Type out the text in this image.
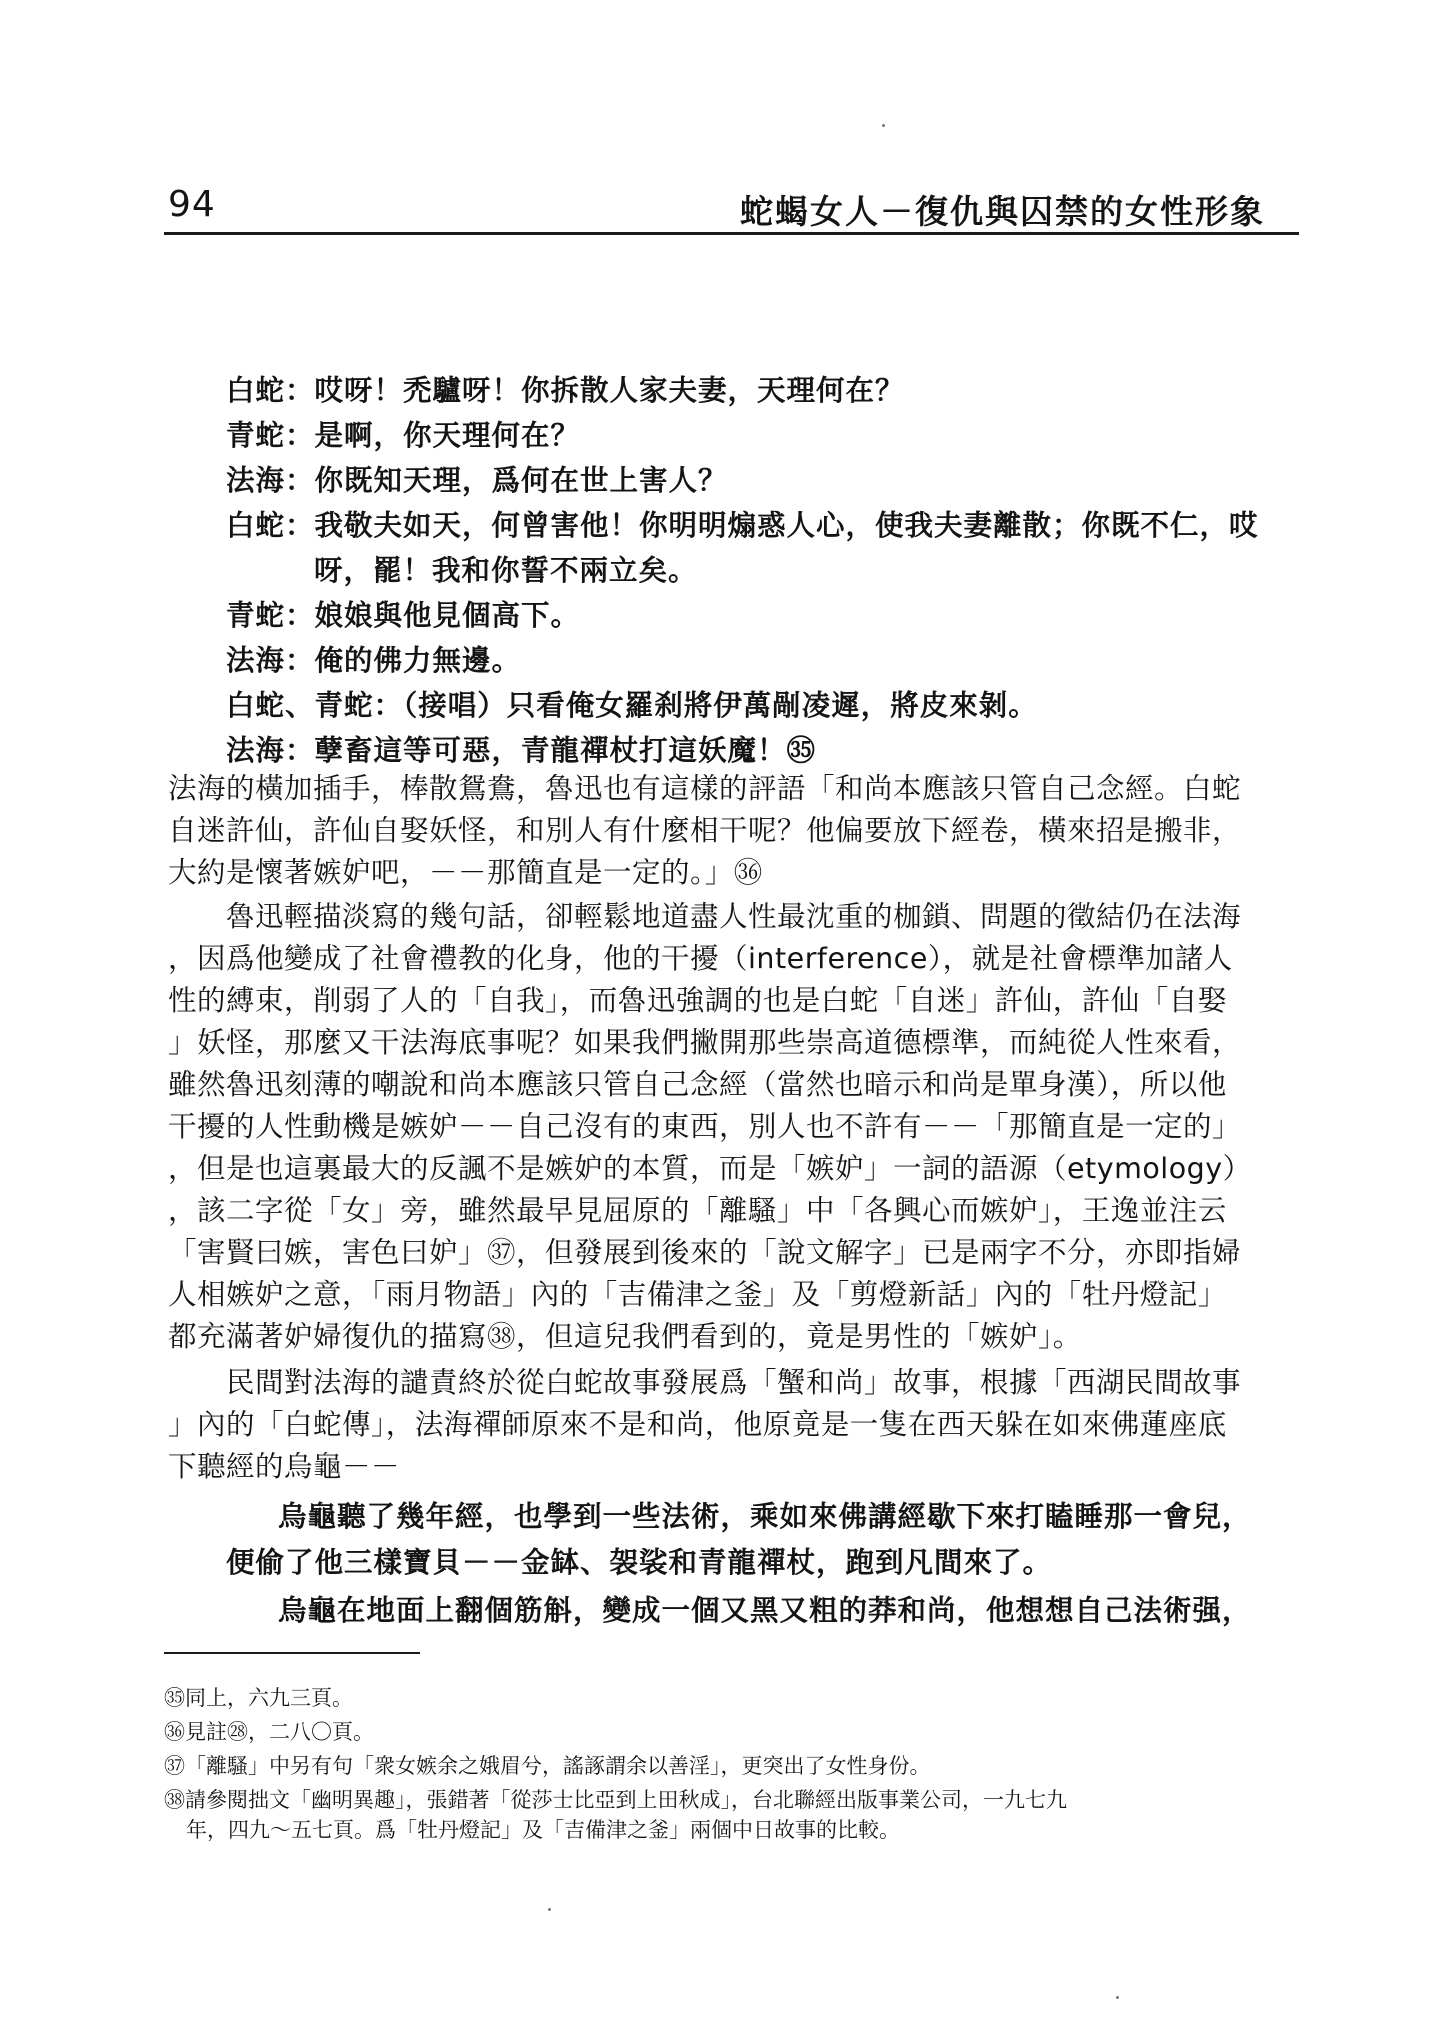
94	蛇蝎女人－復仇與囚禁的女性形象
白蛇：哎呀！禿驢呀！你拆散人家夫妻，天理何在？
青蛇：是啊，你天理何在？
法海：你既知天理，爲何在世上害人？
白蛇：我敬夫如天，何曾害他！你明明煽惑人心，使我夫妻離散；你既不仁，哎
呀，罷！我和你誓不兩立矣。
青蛇：娘娘與他見個高下。
法海：俺的佛力無邊。
白蛇、青蛇：（接唱）只看俺女羅刹將伊萬剮凌遲，將皮來剝。
法海：孽畜這等可惡，青龍禪杖打這妖魔！㉟
法海的橫加插手，棒散鴛鴦，魯迅也有這樣的評語「和尚本應該只管自己念經。白蛇
自迷許仙，許仙自娶妖怪，和別人有什麼相干呢？他偏要放下經卷，橫來招是搬非，
大約是懷著嫉妒吧，－－那簡直是一定的。」㊱
魯迅輕描淡寫的幾句話，卻輕鬆地道盡人性最沈重的枷鎖、問題的徵結仍在法海
，因爲他變成了社會禮教的化身，他的干擾（interference），就是社會標準加諸人
性的縛束，削弱了人的「自我」，而魯迅強調的也是白蛇「自迷」許仙，許仙「自娶
」妖怪，那麼又干法海底事呢？如果我們撇開那些崇高道德標準，而純從人性來看，
雖然魯迅刻薄的嘲說和尚本應該只管自己念經（當然也暗示和尚是單身漢），所以他
干擾的人性動機是嫉妒－－自己沒有的東西，別人也不許有－－「那簡直是一定的」
，但是也這裏最大的反諷不是嫉妒的本質，而是「嫉妒」一詞的語源（etymology）
，該二字從「女」旁，雖然最早見屈原的「離騷」中「各興心而嫉妒」，王逸並注云
「害賢曰嫉，害色曰妒」㊲，但發展到後來的「說文解字」已是兩字不分，亦即指婦
人相嫉妒之意，「雨月物語」內的「吉備津之釜」及「剪燈新話」內的「牡丹燈記」
都充滿著妒婦復仇的描寫㊳，但這兒我們看到的，竟是男性的「嫉妒」。
民間對法海的譴責終於從白蛇故事發展爲「蟹和尚」故事，根據「西湖民間故事
」內的「白蛇傳」，法海禪師原來不是和尚，他原竟是一隻在西天躲在如來佛蓮座底
下聽經的烏龜－－
烏龜聽了幾年經，也學到一些法術，乘如來佛講經歇下來打瞌睡那一會兒，
便偷了他三樣寶貝－－金缽、袈裟和青龍禪杖，跑到凡間來了。
烏龜在地面上翻個筋斛，變成一個又黑又粗的莽和尚，他想想自己法術强，
㉟同上，六九三頁。
㊱見註㉘，二八〇頁。
㊲「離騷」中另有句「衆女嫉余之娥眉兮，謠諑謂余以善淫」，更突出了女性身份。
㊳請參閱拙文「幽明異趣」，張錯著「從莎士比亞到上田秋成」，台北聯經出版事業公司，一九七九
年，四九～五七頁。爲「牡丹燈記」及「吉備津之釜」兩個中日故事的比較。
